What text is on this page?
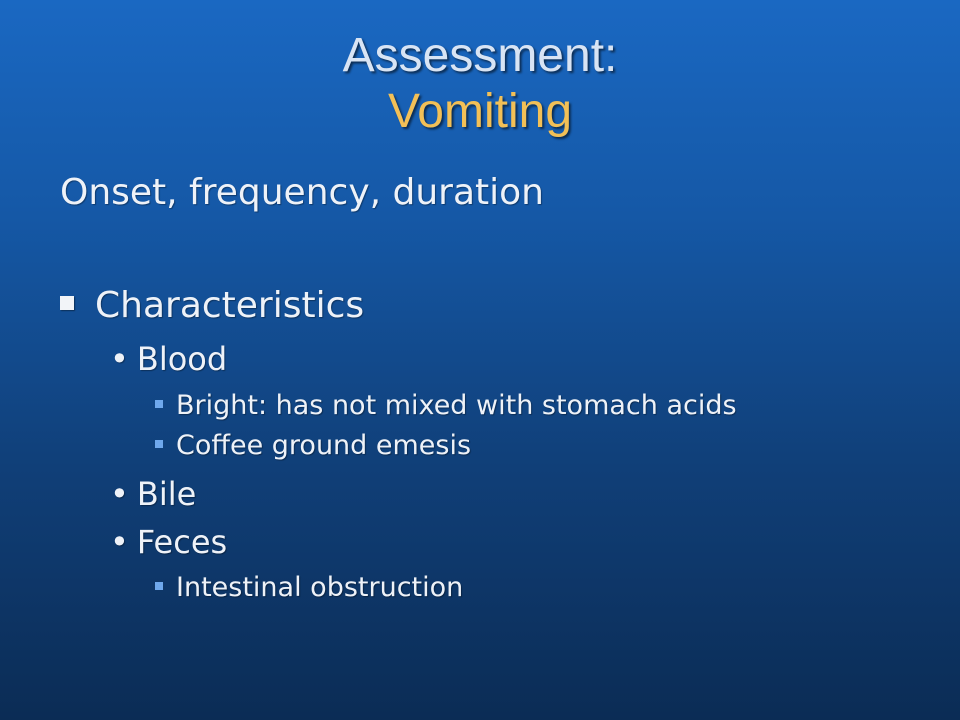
Assessment:
Vomiting
Onset, frequency, duration
Characteristics
• Blood
Bright: has not mixed with stomach acids
Coffee ground emesis
• Bile
• Feces
Intestinal obstruction
